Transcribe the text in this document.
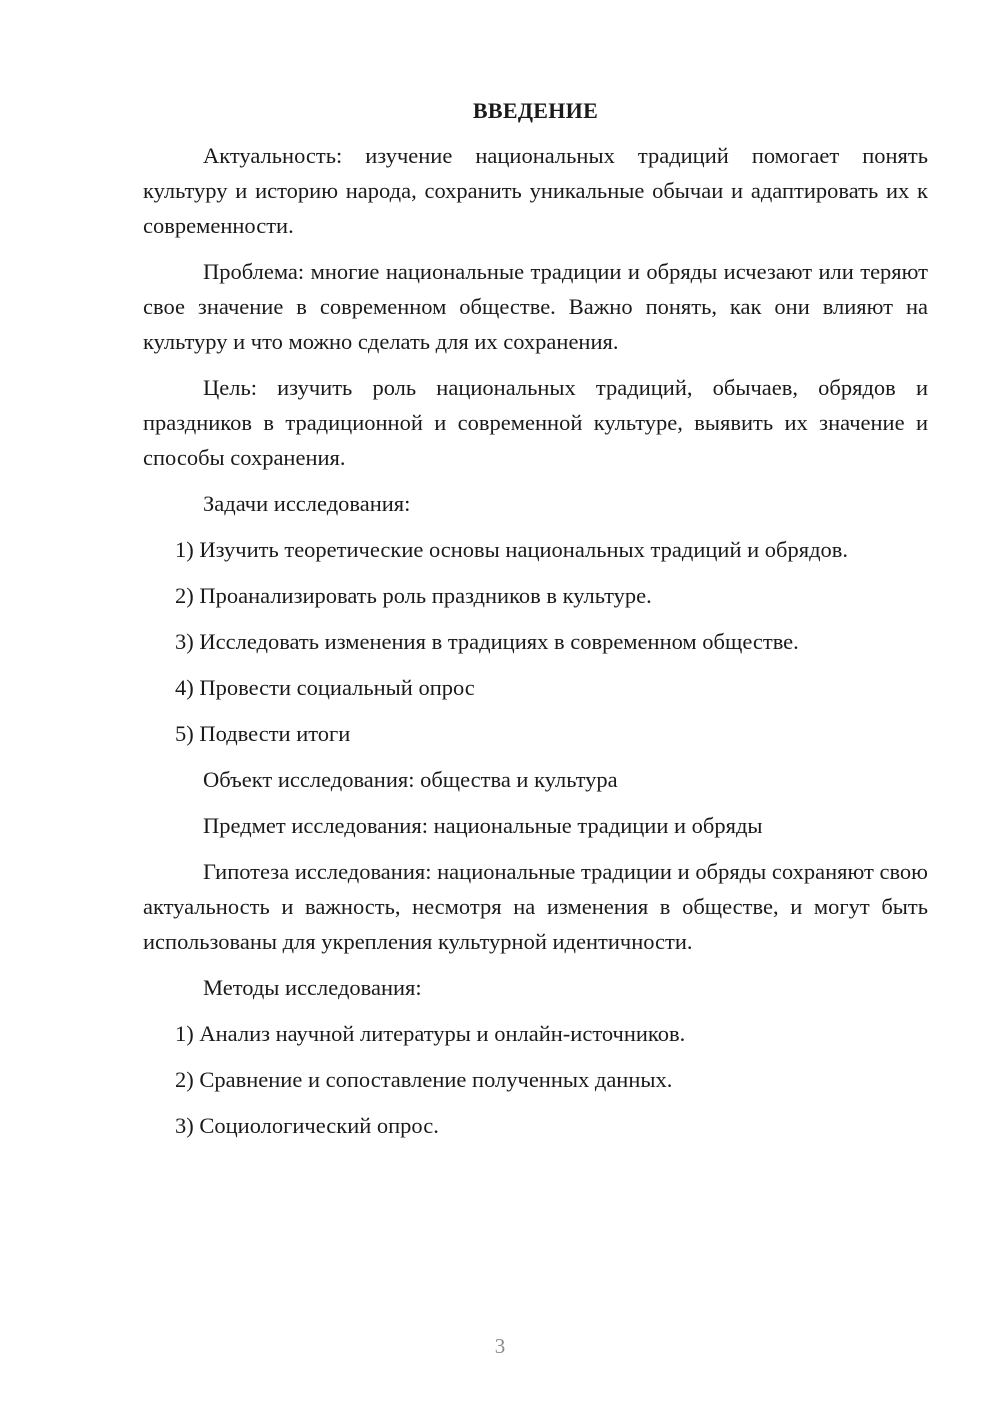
ВВЕДЕНИЕ

Актуальность: изучение национальных традиций помогает понять культуру и историю народа, сохранить уникальные обычаи и адаптировать их к современности.

Проблема: многие национальные традиции и обряды исчезают или теряют свое значение в современном обществе. Важно понять, как они влияют на культуру и что можно сделать для их сохранения.

Цель: изучить роль национальных традиций, обычаев, обрядов и праздников в традиционной и современной культуре, выявить их значение и способы сохранения.

Задачи исследования:
1) Изучить теоретические основы национальных традиций и обрядов.
2) Проанализировать роль праздников в культуре.
3) Исследовать изменения в традициях в современном обществе.
4) Провести социальный опрос
5) Подвести итоги
Объект исследования: общества и культура
Предмет исследования: национальные традиции и обряды

Гипотеза исследования: национальные традиции и обряды сохраняют свою актуальность и важность, несмотря на изменения в обществе, и могут быть использованы для укрепления культурной идентичности.

Методы исследования:
1) Анализ научной литературы и онлайн-источников.
2) Сравнение и сопоставление полученных данных.
3) Социологический опрос.
3
